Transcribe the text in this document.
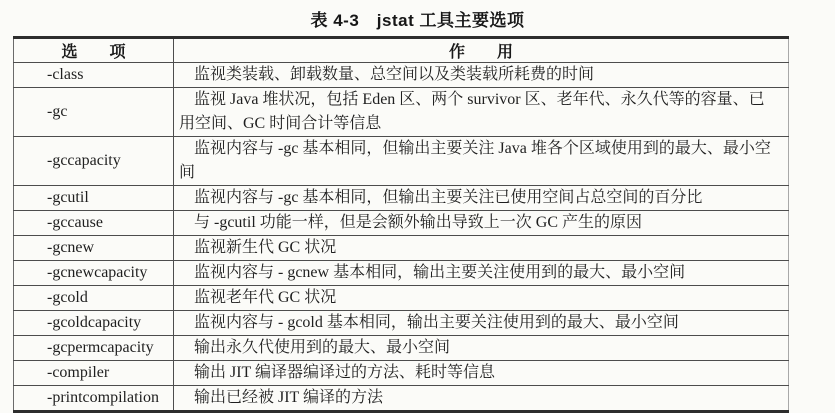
表 4-3　jstat 工具主要选项
选　　项	作　　用
-class	监视类装载、卸载数量、总空间以及类装载所耗费的时间
-gc	监视 Java 堆状况，包括 Eden 区、两个 survivor 区、老年代、永久代等的容量、已用空间、GC 时间合计等信息
-gccapacity	监视内容与 -gc 基本相同，但输出主要关注 Java 堆各个区域使用到的最大、最小空间
-gcutil	监视内容与 -gc 基本相同，但输出主要关注已使用空间占总空间的百分比
-gccause	与 -gcutil 功能一样，但是会额外输出导致上一次 GC 产生的原因
-gcnew	监视新生代 GC 状况
-gcnewcapacity	监视内容与 - gcnew 基本相同，输出主要关注使用到的最大、最小空间
-gcold	监视老年代 GC 状况
-gcoldcapacity	监视内容与 - gcold 基本相同，输出主要关注使用到的最大、最小空间
-gcpermcapacity	输出永久代使用到的最大、最小空间
-compiler	输出 JIT 编译器编译过的方法、耗时等信息
-printcompilation	输出已经被 JIT 编译的方法
